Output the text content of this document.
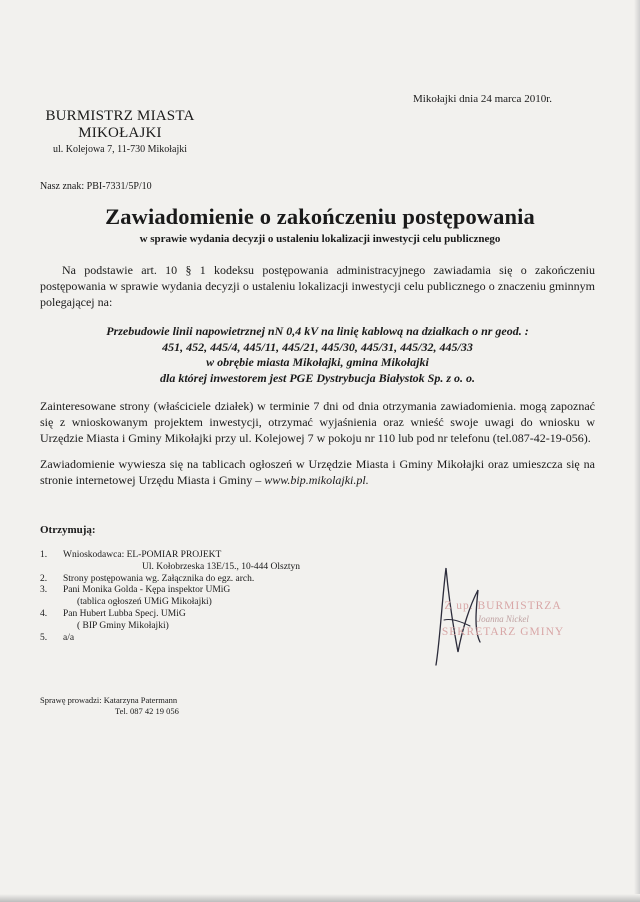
Mikołajki dnia 24 marca 2010r.
BURMISTRZ MIASTA
MIKOŁAJKI
ul. Kolejowa 7, 11-730 Mikołajki
Nasz znak: PBI-7331/5P/10
Zawiadomienie o zakończeniu postępowania
w sprawie wydania decyzji o ustaleniu lokalizacji inwestycji celu publicznego
Na podstawie art. 10 § 1 kodeksu postępowania administracyjnego zawiadamia się o zakończeniu postępowania w sprawie wydania decyzji o ustaleniu lokalizacji inwestycji celu publicznego o znaczeniu gminnym polegającej na:
Przebudowie linii napowietrznej nN 0,4 kV na linię kablową na działkach o nr geod. :
451, 452, 445/4, 445/11, 445/21, 445/30, 445/31, 445/32, 445/33
w obrębie miasta Mikołajki, gmina Mikołajki
dla której inwestorem jest PGE Dystrybucja Białystok Sp. z o. o.
Zainteresowane strony (właściciele działek) w terminie 7 dni od dnia otrzymania zawiadomienia. mogą zapoznać się z wnioskowanym projektem inwestycji, otrzymać wyjaśnienia oraz wnieść swoje uwagi do wniosku w Urzędzie Miasta i Gminy Mikołajki przy ul. Kolejowej 7 w pokoju nr 110 lub pod nr telefonu (tel.087-42-19-056).
Zawiadomienie wywiesza się na tablicach ogłoszeń w Urzędzie Miasta i Gminy Mikołajki oraz umieszcza się na stronie internetowej Urzędu Miasta i Gminy – www.bip.mikolajki.pl.
Otrzymują:
1.	Wnioskodawca: EL-POMIAR PROJEKT
Ul. Kołobrzeska 13E/15., 10-444 Olsztyn
2.	Strony postępowania wg. Załącznika do egz. arch.
3.	Pani Monika Golda - Kępa inspektor UMiG
(tablica ogłoszeń UMiG Mikołajki)
4.	Pan Hubert Lubba Specj. UMiG
( BIP Gminy Mikołajki)
5.	a/a
Z up. BURMISTRZA
Joanna Nickel
SEKRETARZ GMINY
Sprawę prowadzi: Katarzyna Patermann
Tel. 087 42 19 056
